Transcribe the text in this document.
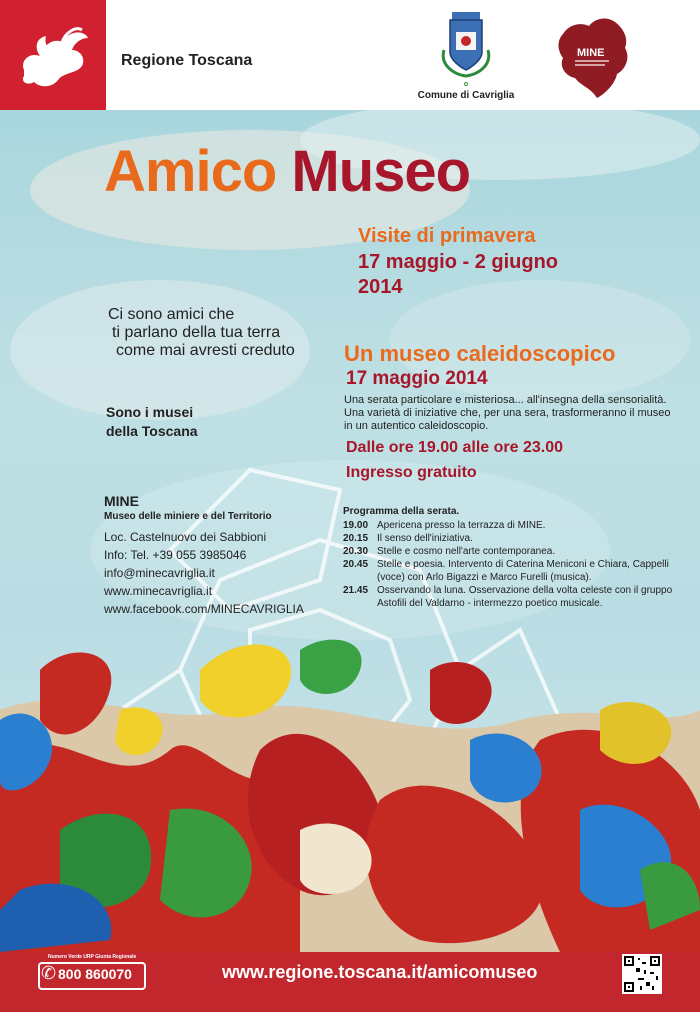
Regione Toscana
✿
Comune di Cavriglia
MINE
Amico Museo
Visite di primavera
17 maggio - 2 giugno
2014
Ci sono amici che
ti parlano della tua terra
come mai avresti creduto
Sono i musei
della Toscana
Un museo caleidoscopico
17 maggio 2014
Una serata particolare e misteriosa... all'insegna della sensorialità.
Una varietà di iniziative che, per una sera, trasformeranno il museo
in un autentico caleidoscopio.
Dalle ore 19.00 alle ore 23.00
Ingresso gratuito
MINE
Museo delle miniere e del Territorio
Loc. Castelnuovo dei Sabbioni
Info: Tel. +39 055 3985046
info@minecavriglia.it
www.minecavriglia.it
www.facebook.com/MINECAVRIGLIA
Programma della serata.
19.00 Apericena presso la terrazza di MINE.
20.15 Il senso dell'iniziativa.
20.30 Stelle e cosmo nell'arte contemporanea.
20.45 Stelle e poesia. Intervento di Caterina Meniconi e Chiara, Cappelli (voce) con Arlo Bigazzi e Marco Furelli (musica).
21.45 Osservando la luna. Osservazione della volta celeste con il gruppo Astofili del Valdarno - intermezzo poetico musicale.
Numero Verde URP Giunta Regionale
✆ 800 860070	www.regione.toscana.it/amicomuseo
